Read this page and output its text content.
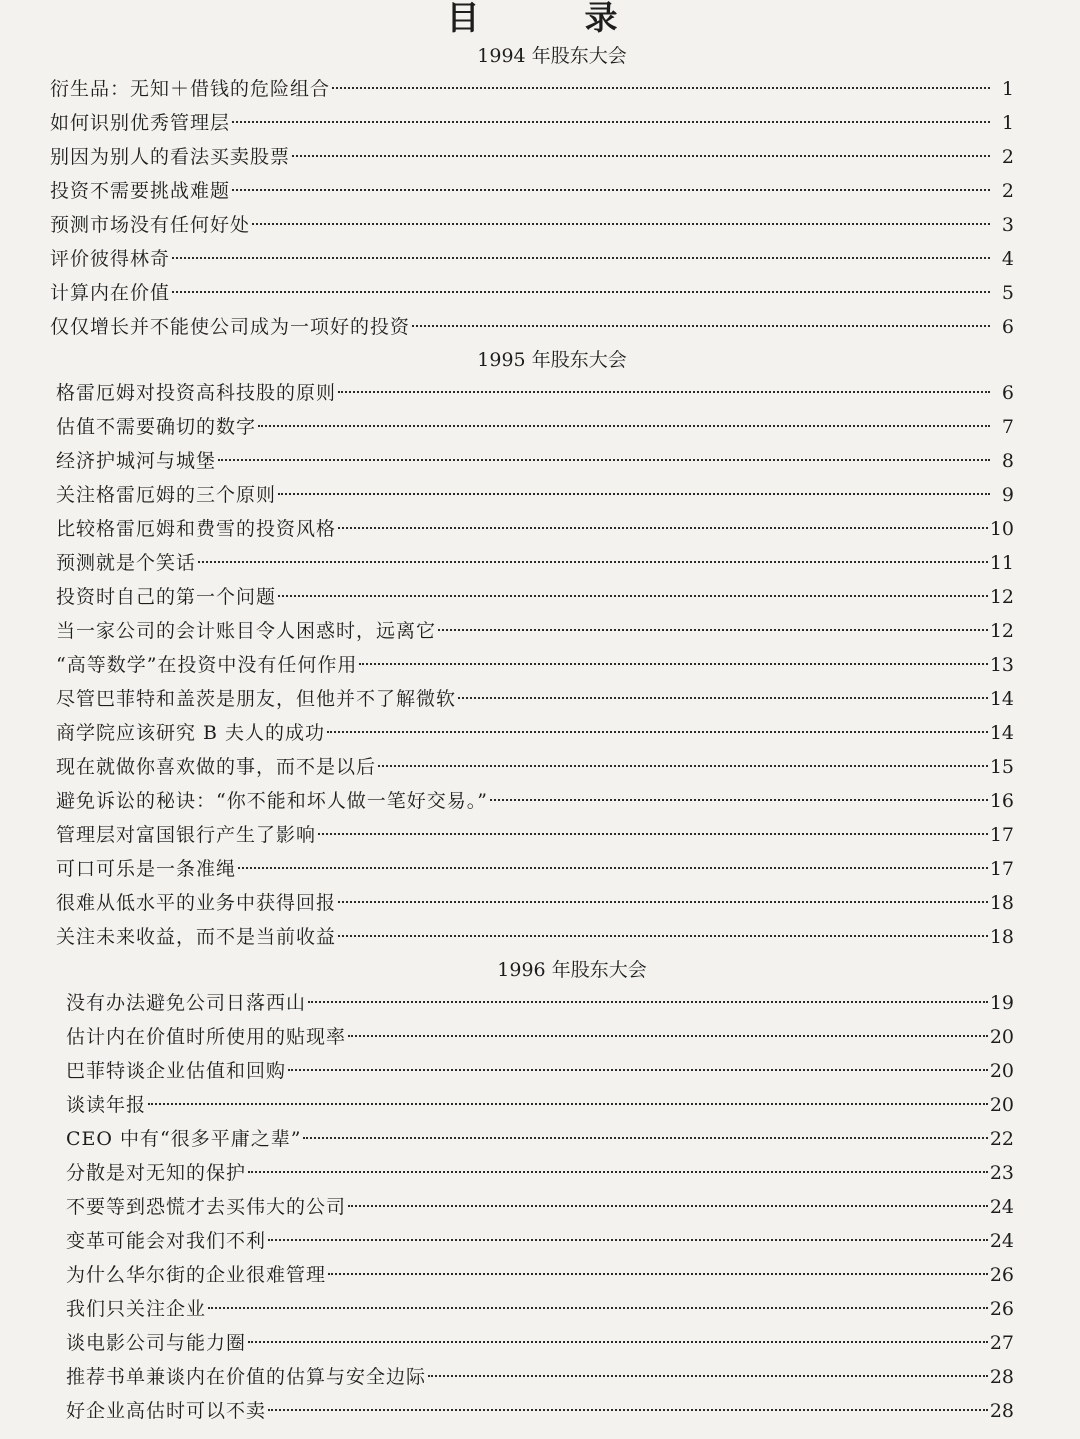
目　录
1994 年股东大会
衍生品：无知＋借钱的危险组合	1
如何识别优秀管理层	1
别因为别人的看法买卖股票	2
投资不需要挑战难题	2
预测市场没有任何好处	3
评价彼得林奇	4
计算内在价值	5
仅仅增长并不能使公司成为一项好的投资	6
1995 年股东大会
格雷厄姆对投资高科技股的原则	6
估值不需要确切的数字	7
经济护城河与城堡	8
关注格雷厄姆的三个原则	9
比较格雷厄姆和费雪的投资风格	10
预测就是个笑话	11
投资时自己的第一个问题	12
当一家公司的会计账目令人困惑时，远离它	12
“高等数学”在投资中没有任何作用	13
尽管巴菲特和盖茨是朋友，但他并不了解微软	14
商学院应该研究 B 夫人的成功	14
现在就做你喜欢做的事，而不是以后	15
避免诉讼的秘诀：“你不能和坏人做一笔好交易。”	16
管理层对富国银行产生了影响	17
可口可乐是一条准绳	17
很难从低水平的业务中获得回报	18
关注未来收益，而不是当前收益	18
1996 年股东大会
没有办法避免公司日落西山	19
估计内在价值时所使用的贴现率	20
巴菲特谈企业估值和回购	20
谈读年报	20
CEO 中有“很多平庸之辈”	22
分散是对无知的保护	23
不要等到恐慌才去买伟大的公司	24
变革可能会对我们不利	24
为什么华尔街的企业很难管理	26
我们只关注企业	26
谈电影公司与能力圈	27
推荐书单兼谈内在价值的估算与安全边际	28
好企业高估时可以不卖	28
